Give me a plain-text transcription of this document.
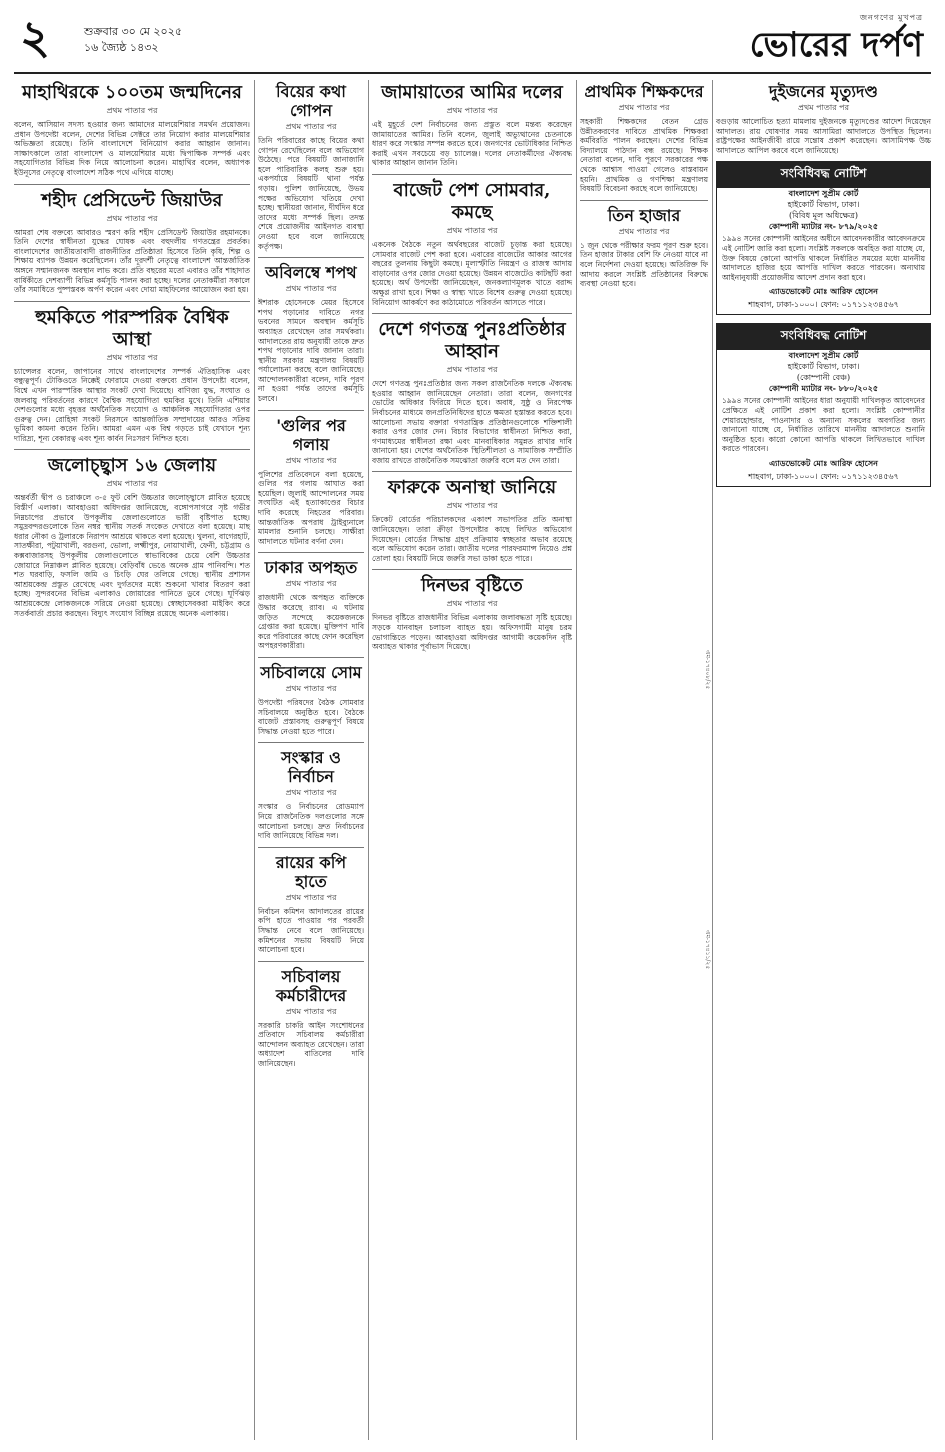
২	শুক্রবার ৩০ মে ২০২৫
১৬ জ্যৈষ্ঠ ১৪৩২
জনগণের মুখপত্র
ভোরের দর্পণ
মাহাথিরকে ১০০তম জন্মদিনের
প্রথম পাতার পর
বলেন, আসিয়ান সদস্য হওয়ার জন্য আমাদের মালয়েশিয়ার সমর্থন প্রয়োজন। প্রধান উপদেষ্টা বলেন, দেশের বিভিন্ন সেক্টরে তার নিয়োগ করার মালয়েশিয়ার অভিজ্ঞতা রয়েছে। তিনি বাংলাদেশে বিনিয়োগ করার আহ্বান জানান। সাক্ষাৎকালে তারা বাংলাদেশ ও মালয়েশিয়ার মধ্যে দ্বিপাক্ষিক সম্পর্ক এবং সহযোগিতার বিভিন্ন দিক নিয়ে আলোচনা করেন। মাহাথির বলেন, অধ্যাপক ইউনূসের নেতৃত্বে বাংলাদেশ সঠিক পথে এগিয়ে যাচ্ছে।
শহীদ প্রেসিডেন্ট জিয়াউর
প্রথম পাতার পর
আমরা শেষ বক্তব্যে আবারও স্মরণ করি শহীদ প্রেসিডেন্ট জিয়াউর রহমানকে। তিনি দেশের স্বাধীনতা যুদ্ধের ঘোষক এবং বহুদলীয় গণতন্ত্রের প্রবর্তক। বাংলাদেশের জাতীয়তাবাদী রাজনীতির প্রতিষ্ঠাতা হিসেবে তিনি কৃষি, শিল্প ও শিক্ষায় ব্যাপক উন্নয়ন করেছিলেন। তাঁর দূরদর্শী নেতৃত্বে বাংলাদেশ আন্তর্জাতিক অঙ্গনে সম্মানজনক অবস্থান লাভ করে। প্রতি বছরের মতো এবারও তাঁর শাহাদাত বার্ষিকীতে দেশব্যাপী বিভিন্ন কর্মসূচি পালন করা হচ্ছে। দলের নেতাকর্মীরা সকালে তাঁর সমাধিতে পুষ্পস্তবক অর্পণ করেন এবং দোয়া মাহফিলের আয়োজন করা হয়।
হুমকিতে পারস্পরিক বৈশ্বিক আস্থা
প্রথম পাতার পর
চ্যান্সেলর বলেন, জাপানের সাথে বাংলাদেশের সম্পর্ক ঐতিহাসিক এবং বন্ধুত্বপূর্ণ। টোকিওতে নিক্কেই ফোরামে দেওয়া বক্তব্যে প্রধান উপদেষ্টা বলেন, বিশ্বে এখন পারস্পরিক আস্থার সংকট দেখা দিয়েছে। বাণিজ্য যুদ্ধ, সংঘাত ও জলবায়ু পরিবর্তনের কারণে বৈশ্বিক সহযোগিতা হুমকির মুখে। তিনি এশিয়ার দেশগুলোর মধ্যে বৃহত্তর অর্থনৈতিক সংযোগ ও আঞ্চলিক সহযোগিতার ওপর গুরুত্ব দেন। রোহিঙ্গা সংকট নিরসনে আন্তর্জাতিক সম্প্রদায়ের আরও সক্রিয় ভূমিকা কামনা করেন তিনি। আমরা এমন এক বিশ্ব গড়তে চাই যেখানে শূন্য দারিদ্র্য, শূন্য বেকারত্ব এবং শূন্য কার্বন নিঃসরণ নিশ্চিত হবে।
জলোচ্ছ্বাস ১৬ জেলায়
প্রথম পাতার পর
অন্তর্বর্তী দ্বীপ ও চরাঞ্চলে ৩-৫ ফুট বেশি উচ্চতার জলোচ্ছ্বাসে প্লাবিত হয়েছে বিস্তীর্ণ এলাকা। আবহাওয়া অধিদপ্তর জানিয়েছে, বঙ্গোপসাগরে সৃষ্ট গভীর নিম্নচাপের প্রভাবে উপকূলীয় জেলাগুলোতে ভারী বৃষ্টিপাত হচ্ছে। সমুদ্রবন্দরগুলোকে তিন নম্বর স্থানীয় সতর্ক সংকেত দেখাতে বলা হয়েছে। মাছ ধরার নৌকা ও ট্রলারকে নিরাপদ আশ্রয়ে থাকতে বলা হয়েছে। খুলনা, বাগেরহাট, সাতক্ষীরা, পটুয়াখালী, বরগুনা, ভোলা, লক্ষ্মীপুর, নোয়াখালী, ফেনী, চট্টগ্রাম ও কক্সবাজারসহ উপকূলীয় জেলাগুলোতে স্বাভাবিকের চেয়ে বেশি উচ্চতার জোয়ারে নিম্নাঞ্চল প্লাবিত হয়েছে। বেড়িবাঁধ ভেঙে অনেক গ্রাম পানিবন্দি। শত শত ঘরবাড়ি, ফসলি জমি ও চিংড়ি ঘের তলিয়ে গেছে। স্থানীয় প্রশাসন আশ্রয়কেন্দ্র প্রস্তুত রেখেছে এবং দুর্গতদের মধ্যে শুকনো খাবার বিতরণ করা হচ্ছে। সুন্দরবনের বিভিন্ন এলাকাও জোয়ারের পানিতে ডুবে গেছে। ঘূর্ণিঝড় আশ্রয়কেন্দ্রে লোকজনকে সরিয়ে নেওয়া হয়েছে। স্বেচ্ছাসেবকরা মাইকিং করে সতর্কবার্তা প্রচার করছেন। বিদ্যুৎ সংযোগ বিচ্ছিন্ন রয়েছে অনেক এলাকায়।
বিয়ের কথা গোপন
প্রথম পাতার পর
তিনি পরিবারের কাছে বিয়ের কথা গোপন রেখেছিলেন বলে অভিযোগ উঠেছে। পরে বিষয়টি জানাজানি হলে পারিবারিক কলহ শুরু হয়। একপর্যায়ে বিষয়টি থানা পর্যন্ত গড়ায়। পুলিশ জানিয়েছে, উভয় পক্ষের অভিযোগ খতিয়ে দেখা হচ্ছে। স্থানীয়রা জানান, দীর্ঘদিন ধরে তাদের মধ্যে সম্পর্ক ছিল। তদন্ত শেষে প্রয়োজনীয় আইনগত ব্যবস্থা নেওয়া হবে বলে জানিয়েছে কর্তৃপক্ষ।
অবিলম্বে শপথ
প্রথম পাতার পর
ঈশরাক হোসেনকে মেয়র হিসেবে শপথ পড়ানোর দাবিতে নগর ভবনের সামনে অবস্থান কর্মসূচি অব্যাহত রেখেছেন তার সমর্থকরা। আদালতের রায় অনুযায়ী তাকে দ্রুত শপথ পড়ানোর দাবি জানান তারা। স্থানীয় সরকার মন্ত্রণালয় বিষয়টি পর্যালোচনা করছে বলে জানিয়েছে। আন্দোলনকারীরা বলেন, দাবি পূরণ না হওয়া পর্যন্ত তাদের কর্মসূচি চলবে।
'গুলির পর গলায়
প্রথম পাতার পর
পুলিশের প্রতিবেদনে বলা হয়েছে, গুলির পর গলায় আঘাত করা হয়েছিল। জুলাই আন্দোলনের সময় সংঘটিত এই হত্যাকাণ্ডের বিচার দাবি করেছে নিহতের পরিবার। আন্তর্জাতিক অপরাধ ট্রাইব্যুনালে মামলার শুনানি চলছে। সাক্ষীরা আদালতে ঘটনার বর্ণনা দেন।
ঢাকার অপহৃত
প্রথম পাতার পর
রাজধানী থেকে অপহৃত ব্যক্তিকে উদ্ধার করেছে র‍্যাব। এ ঘটনায় জড়িত সন্দেহে কয়েকজনকে গ্রেপ্তার করা হয়েছে। মুক্তিপণ দাবি করে পরিবারের কাছে ফোন করেছিল অপহরণকারীরা।
সচিবালয়ে সোম
প্রথম পাতার পর
উপদেষ্টা পরিষদের বৈঠক সোমবার সচিবালয়ে অনুষ্ঠিত হবে। বৈঠকে বাজেট প্রস্তাবসহ গুরুত্বপূর্ণ বিষয়ে সিদ্ধান্ত নেওয়া হতে পারে।
সংস্কার ও নির্বাচন
প্রথম পাতার পর
সংস্কার ও নির্বাচনের রোডম্যাপ নিয়ে রাজনৈতিক দলগুলোর সঙ্গে আলোচনা চলছে। দ্রুত নির্বাচনের দাবি জানিয়েছে বিভিন্ন দল।
রায়ের কপি হাতে
প্রথম পাতার পর
নির্বাচন কমিশন আদালতের রায়ের কপি হাতে পাওয়ার পর পরবর্তী সিদ্ধান্ত নেবে বলে জানিয়েছে। কমিশনের সভায় বিষয়টি নিয়ে আলোচনা হবে।
সচিবালয় কর্মচারীদের
প্রথম পাতার পর
সরকারি চাকরি আইন সংশোধনের প্রতিবাদে সচিবালয় কর্মচারীরা আন্দোলন অব্যাহত রেখেছেন। তারা অধ্যাদেশ বাতিলের দাবি জানিয়েছেন।
জামায়াতের আমির দলের
প্রথম পাতার পর
এই মুহূর্তে দেশ নির্বাচনের জন্য প্রস্তুত বলে মন্তব্য করেছেন জামায়াতের আমির। তিনি বলেন, জুলাই অভ্যুত্থানের চেতনাকে ধারণ করে সংস্কার সম্পন্ন করতে হবে। জনগণের ভোটাধিকার নিশ্চিত করাই এখন সবচেয়ে বড় চ্যালেঞ্জ। দলের নেতাকর্মীদের ঐক্যবদ্ধ থাকার আহ্বান জানান তিনি।
বাজেট পেশ সোমবার, কমছে
প্রথম পাতার পর
একনেক বৈঠকে নতুন অর্থবছরের বাজেট চূড়ান্ত করা হয়েছে। সোমবার বাজেট পেশ করা হবে। এবারের বাজেটের আকার আগের বছরের তুলনায় কিছুটা কমছে। মূল্যস্ফীতি নিয়ন্ত্রণ ও রাজস্ব আদায় বাড়ানোর ওপর জোর দেওয়া হয়েছে। উন্নয়ন বাজেটেও কাটছাঁট করা হয়েছে। অর্থ উপদেষ্টা জানিয়েছেন, জনকল্যাণমূলক খাতে বরাদ্দ অক্ষুণ্ণ রাখা হবে। শিক্ষা ও স্বাস্থ্য খাতে বিশেষ গুরুত্ব দেওয়া হয়েছে। বিনিয়োগ আকর্ষণে কর কাঠামোতে পরিবর্তন আসতে পারে।
দেশে গণতন্ত্র পুনঃপ্রতিষ্ঠার আহ্বান
প্রথম পাতার পর
দেশে গণতন্ত্র পুনঃপ্রতিষ্ঠার জন্য সকল রাজনৈতিক দলকে ঐক্যবদ্ধ হওয়ার আহ্বান জানিয়েছেন নেতারা। তারা বলেন, জনগণের ভোটের অধিকার ফিরিয়ে দিতে হবে। অবাধ, সুষ্ঠু ও নিরপেক্ষ নির্বাচনের মাধ্যমে জনপ্রতিনিধিদের হাতে ক্ষমতা হস্তান্তর করতে হবে। আলোচনা সভায় বক্তারা গণতান্ত্রিক প্রতিষ্ঠানগুলোকে শক্তিশালী করার ওপর জোর দেন। বিচার বিভাগের স্বাধীনতা নিশ্চিত করা, গণমাধ্যমের স্বাধীনতা রক্ষা এবং মানবাধিকার সমুন্নত রাখার দাবি জানানো হয়। দেশের অর্থনৈতিক স্থিতিশীলতা ও সামাজিক সম্প্রীতি বজায় রাখতে রাজনৈতিক সমঝোতা জরুরি বলে মত দেন তারা।
ফারুকে অনাস্থা জানিয়ে
প্রথম পাতার পর
ক্রিকেট বোর্ডের পরিচালকদের একাংশ সভাপতির প্রতি অনাস্থা জানিয়েছেন। তারা ক্রীড়া উপদেষ্টার কাছে লিখিত অভিযোগ দিয়েছেন। বোর্ডের সিদ্ধান্ত গ্রহণ প্রক্রিয়ায় স্বচ্ছতার অভাব রয়েছে বলে অভিযোগ করেন তারা। জাতীয় দলের পারফরম্যান্স নিয়েও প্রশ্ন তোলা হয়। বিষয়টি নিয়ে জরুরি সভা ডাকা হতে পারে।
দিনভর বৃষ্টিতে
প্রথম পাতার পর
দিনভর বৃষ্টিতে রাজধানীর বিভিন্ন এলাকায় জলাবদ্ধতা সৃষ্টি হয়েছে। সড়কে যানবাহন চলাচল ব্যাহত হয়। অফিসগামী মানুষ চরম ভোগান্তিতে পড়েন। আবহাওয়া অধিদপ্তর আগামী কয়েকদিন বৃষ্টি অব্যাহত থাকার পূর্বাভাস দিয়েছে।
প্রাথমিক শিক্ষকদের
প্রথম পাতার পর
সহকারী শিক্ষকদের বেতন গ্রেড উন্নীতকরণের দাবিতে প্রাথমিক শিক্ষকরা কর্মবিরতি পালন করছেন। দেশের বিভিন্ন বিদ্যালয়ে পাঠদান বন্ধ রয়েছে। শিক্ষক নেতারা বলেন, দাবি পূরণে সরকারের পক্ষ থেকে আশ্বাস পাওয়া গেলেও বাস্তবায়ন হয়নি। প্রাথমিক ও গণশিক্ষা মন্ত্রণালয় বিষয়টি বিবেচনা করছে বলে জানিয়েছে।
তিন হাজার
প্রথম পাতার পর
১ জুন থেকে পরীক্ষার ফরম পূরণ শুরু হবে। তিন হাজার টাকার বেশি ফি নেওয়া যাবে না বলে নির্দেশনা দেওয়া হয়েছে। অতিরিক্ত ফি আদায় করলে সংশ্লিষ্ট প্রতিষ্ঠানের বিরুদ্ধে ব্যবস্থা নেওয়া হবে।
দুইজনের মৃত্যুদণ্ড
প্রথম পাতার পর
বগুড়ায় আলোচিত হত্যা মামলায় দুইজনকে মৃত্যুদণ্ডের আদেশ দিয়েছেন আদালত। রায় ঘোষণার সময় আসামিরা আদালতে উপস্থিত ছিলেন। রাষ্ট্রপক্ষের আইনজীবী রায়ে সন্তোষ প্রকাশ করেছেন। আসামিপক্ষ উচ্চ আদালতে আপিল করবে বলে জানিয়েছে।
সংবিধিবদ্ধ নোটিশ
বাংলাদেশ সুপ্রীম কোর্ট
হাইকোর্ট বিভাগ, ঢাকা।
(বিবিধ মূল অধিক্ষেত্র)
কোম্পানী ম্যাটার নং- ৮৭৯/২০২৫
১৯৯৪ সনের কোম্পানী আইনের অধীনে আবেদনকারীর আবেদনক্রমে এই নোটিশ জারি করা হলো। সংশ্লিষ্ট সকলকে অবহিত করা যাচ্ছে যে, উক্ত বিষয়ে কোনো আপত্তি থাকলে নির্ধারিত সময়ের মধ্যে মাননীয় আদালতে হাজির হয়ে আপত্তি দাখিল করতে পারবেন। অন্যথায় আইনানুযায়ী প্রয়োজনীয় আদেশ প্রদান করা হবে।
এ্যাডভোকেট মোঃ আরিফ হোসেন
শাহবাগ, ঢাকা-১০০০। ফোন: ০১৭১১২৩৪৫৬৭
সংবিধিবদ্ধ নোটিশ
বাংলাদেশ সুপ্রীম কোর্ট
হাইকোর্ট বিভাগ, ঢাকা।
(কোম্পানী বেঞ্চ)
কোম্পানী ম্যাটার নং- ৮৮০/২০২৫
১৯৯৪ সনের কোম্পানী আইনের ধারা অনুযায়ী দাখিলকৃত আবেদনের প্রেক্ষিতে এই নোটিশ প্রকাশ করা হলো। সংশ্লিষ্ট কোম্পানীর শেয়ারহোল্ডার, পাওনাদার ও অন্যান্য সকলের অবগতির জন্য জানানো যাচ্ছে যে, নির্ধারিত তারিখে মাননীয় আদালতে শুনানি অনুষ্ঠিত হবে। কারো কোনো আপত্তি থাকলে লিখিতভাবে দাখিল করতে পারবেন।
এ্যাডভোকেট মোঃ আরিফ হোসেন
শাহবাগ, ঢাকা-১০০০। ফোন: ০১৭১১২৩৪৫৬৭
এম-১৭৪০৮/২৫
এম-১৭৪১১/২৫
